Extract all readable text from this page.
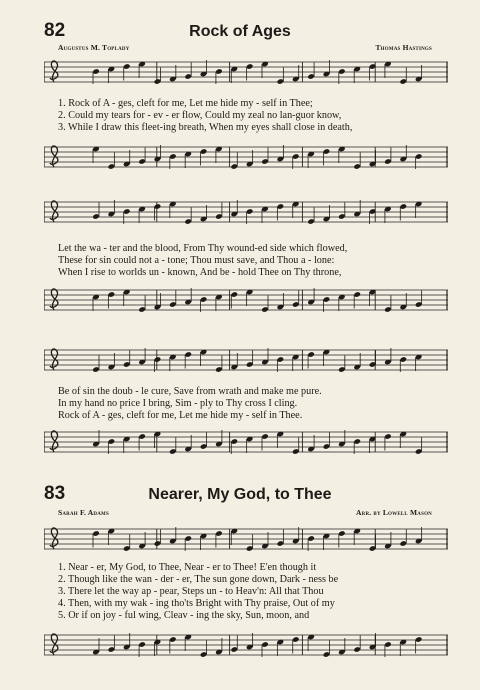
82	Rock of Ages
Augustus M. Toplady	Thomas Hastings
1. Rock of A - ges, cleft for me, Let me hide my - self in Thee;
2. Could my tears for - ev - er flow, Could my zeal no lan-guor know,
3. While I draw this fleet-ing breath, When my eyes shall close in death,
Let the wa - ter and the blood, From Thy wound-ed side which flowed,
These for sin could not a - tone; Thou must save, and Thou a - lone:
When I rise to worlds un - known, And be - hold Thee on Thy throne,
Be of sin the doub - le cure, Save from wrath and make me pure.
In my hand no price I bring, Sim - ply to Thy cross I cling.
Rock of A - ges, cleft for me, Let me hide my - self in Thee.
83	Nearer, My God, to Thee
Sarah F. Adams	Arr. by Lowell Mason
1. Near - er, My God, to Thee, Near - er to Thee! E'en though it
2. Though like the wan - der - er, The sun gone down, Dark - ness be
3. There let the way ap - pear, Steps un - to Heav'n: All that Thou
4. Then, with my wak - ing tho'ts Bright with Thy praise, Out of my
5. Or if on joy - ful wing, Cleav - ing the sky, Sun, moon, and
